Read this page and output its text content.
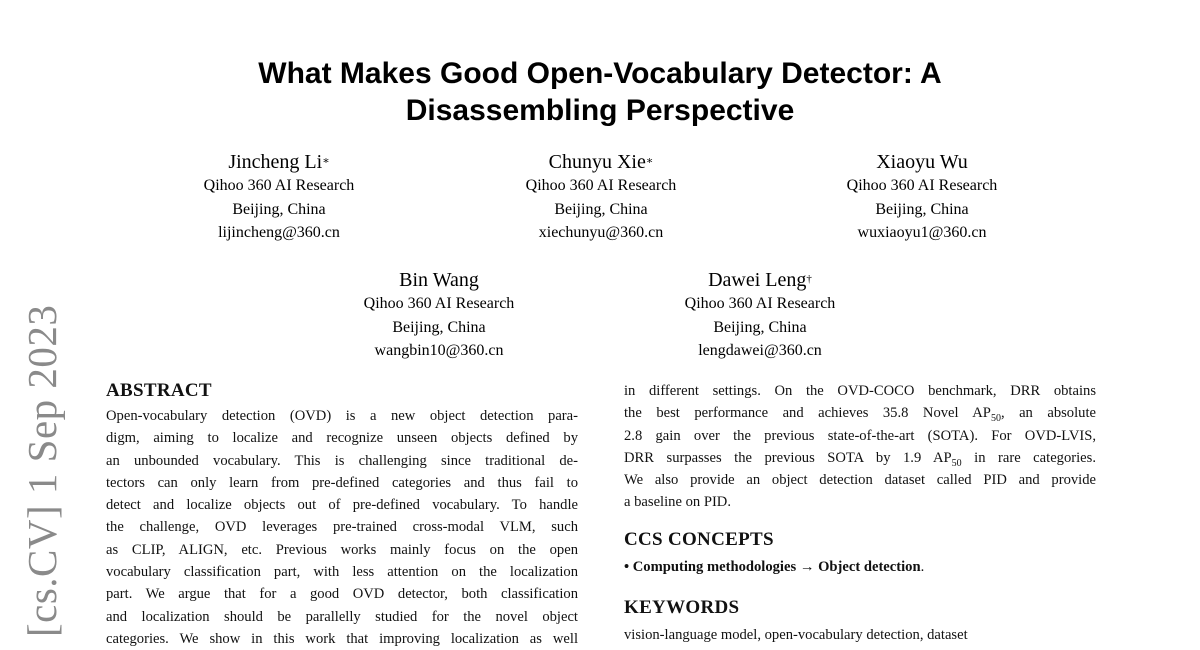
What Makes Good Open-Vocabulary Detector: A
Disassembling Perspective
Jincheng Li∗
Qihoo 360 AI Research
Beijing, China
lijincheng@360.cn
Chunyu Xie∗
Qihoo 360 AI Research
Beijing, China
xiechunyu@360.cn
Xiaoyu Wu
Qihoo 360 AI Research
Beijing, China
wuxiaoyu1@360.cn
Bin Wang
Qihoo 360 AI Research
Beijing, China
wangbin10@360.cn
Dawei Leng†
Qihoo 360 AI Research
Beijing, China
lengdawei@360.cn
[cs.CV] 1 Sep 2023	ABSTRACT
Open-vocabulary detection (OVD) is a new object detection para-
digm, aiming to localize and recognize unseen objects defined by
an unbounded vocabulary. This is challenging since traditional de-
tectors can only learn from pre-defined categories and thus fail to
detect and localize objects out of pre-defined vocabulary. To handle
the challenge, OVD leverages pre-trained cross-modal VLM, such
as CLIP, ALIGN, etc. Previous works mainly focus on the open
vocabulary classification part, with less attention on the localization
part. We argue that for a good OVD detector, both classification
and localization should be parallelly studied for the novel object
categories. We show in this work that improving localization as well
in different settings. On the OVD-COCO benchmark, DRR obtains
the best performance and achieves 35.8 Novel $AP_{50}$, an absolute
2.8 gain over the previous state-of-the-art (SOTA). For OVD-LVIS,
DRR surpasses the previous SOTA by 1.9 $AP_{50}$ in rare categories.
We also provide an object detection dataset called PID and provide
a baseline on PID.
CCS CONCEPTS
• Computing methodologies → Object detection.
KEYWORDS
vision-language model, open-vocabulary detection, dataset
